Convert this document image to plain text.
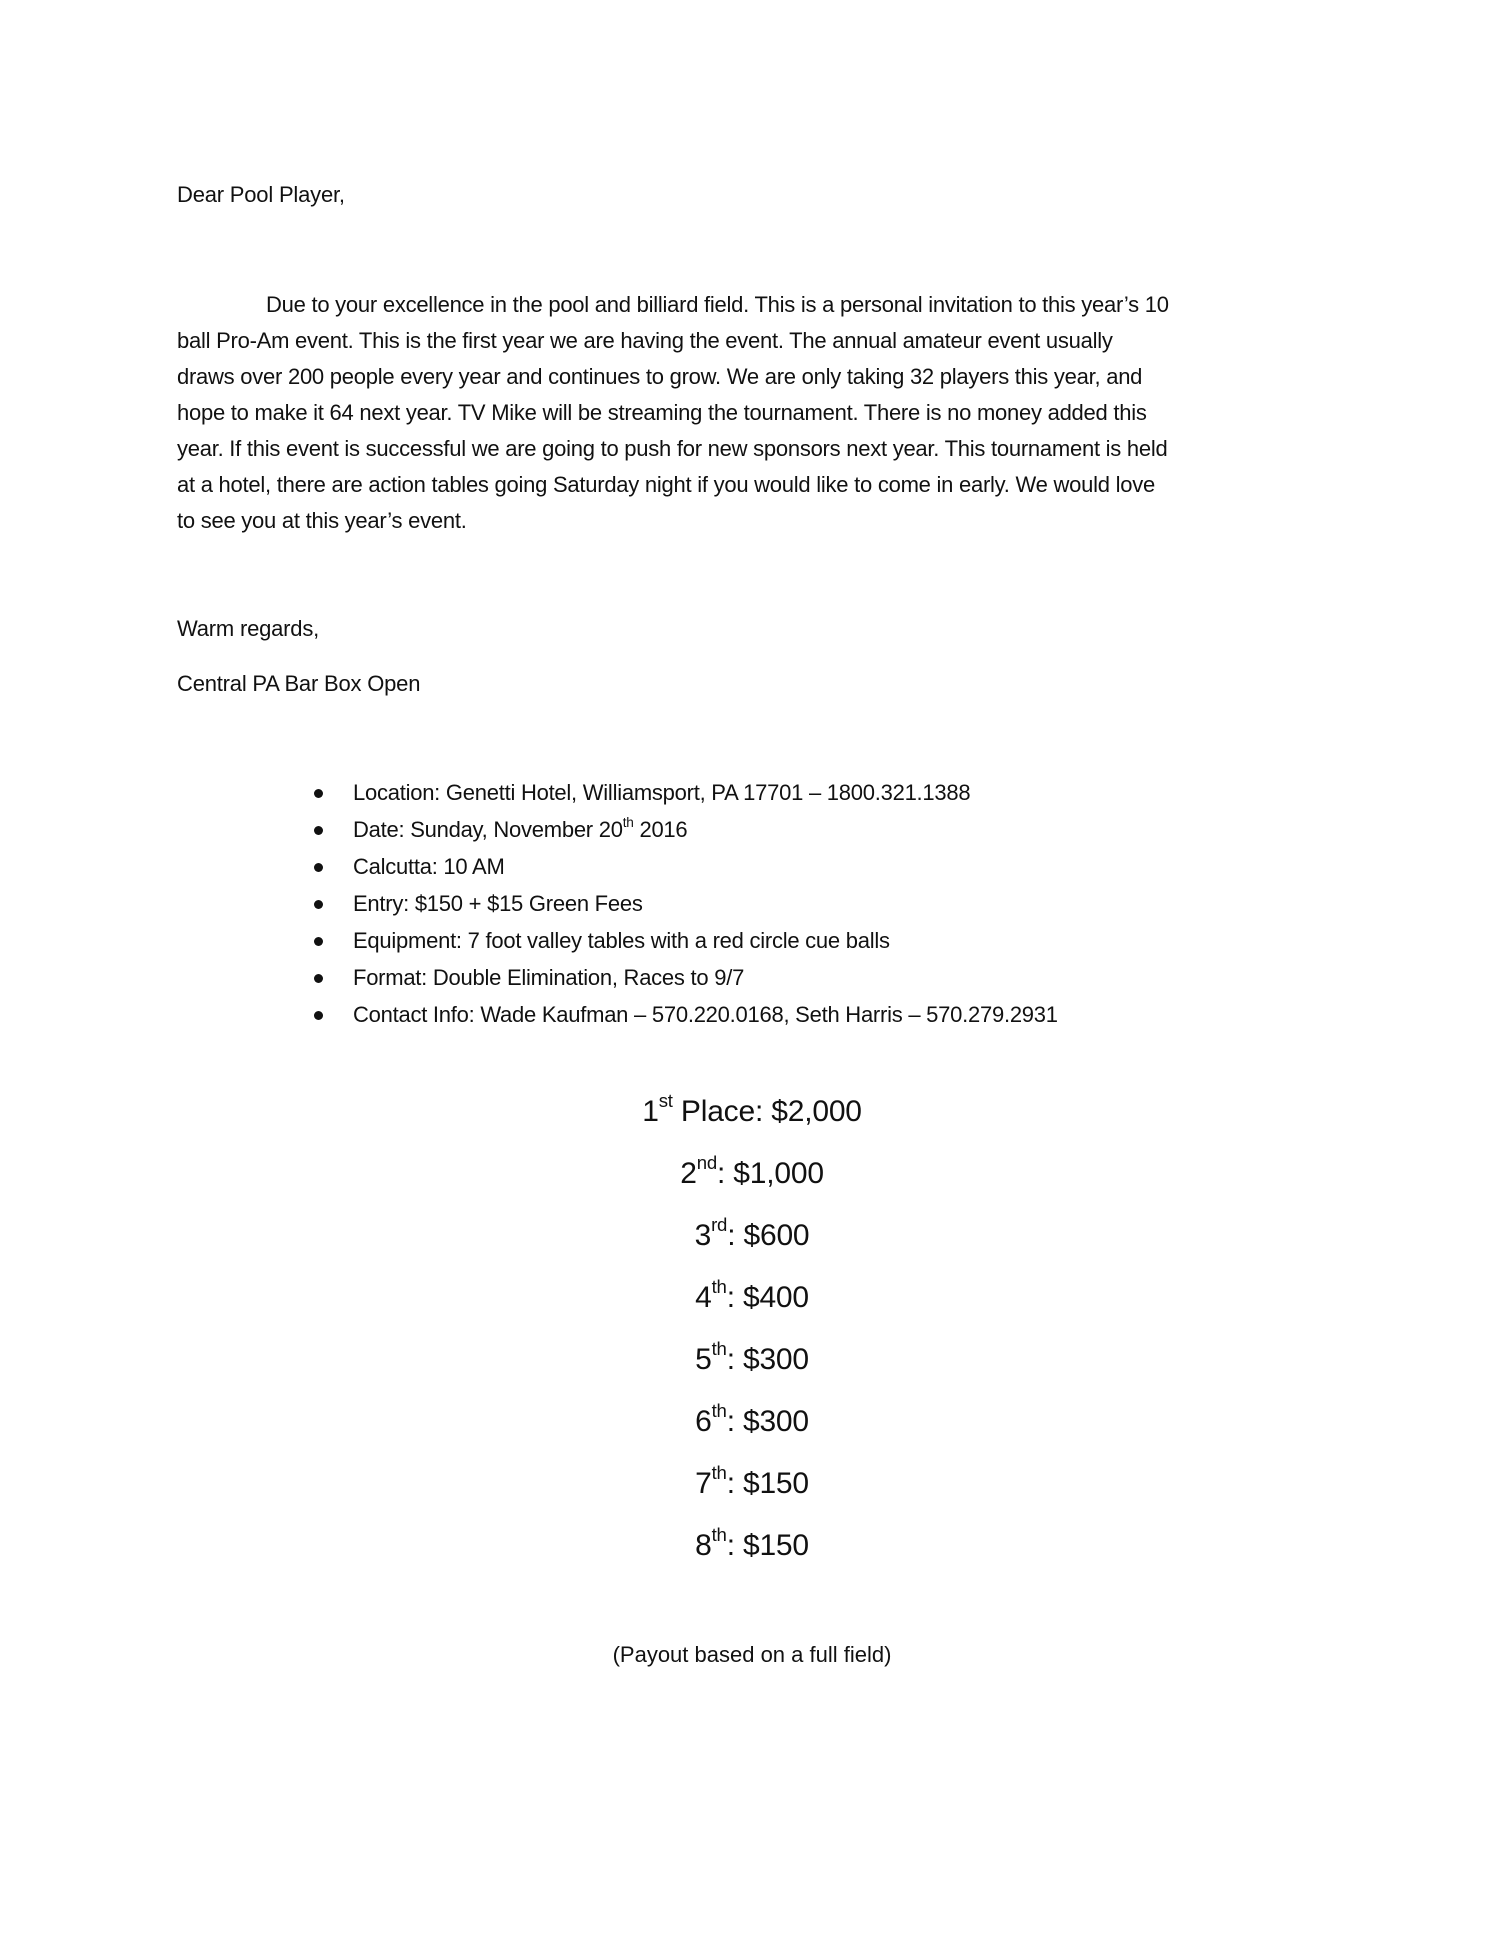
Dear Pool Player,
Due to your excellence in the pool and billiard field. This is a personal invitation to this year’s 10
ball Pro-Am event. This is the first year we are having the event. The annual amateur event usually
draws over 200 people every year and continues to grow. We are only taking 32 players this year, and
hope to make it 64 next year. TV Mike will be streaming the tournament. There is no money added this
year. If this event is successful we are going to push for new sponsors next year. This tournament is held
at a hotel, there are action tables going Saturday night if you would like to come in early. We would love
to see you at this year’s event.
Warm regards,
Central PA Bar Box Open
Location: Genetti Hotel, Williamsport, PA 17701 – 1800.321.1388
Date: Sunday, November 20th 2016
Calcutta: 10 AM
Entry: $150 + $15 Green Fees
Equipment: 7 foot valley tables with a red circle cue balls
Format: Double Elimination, Races to 9/7
Contact Info: Wade Kaufman – 570.220.0168, Seth Harris – 570.279.2931
1st Place: $2,000
2nd: $1,000
3rd: $600
4th: $400
5th: $300
6th: $300
7th: $150
8th: $150
(Payout based on a full field)
